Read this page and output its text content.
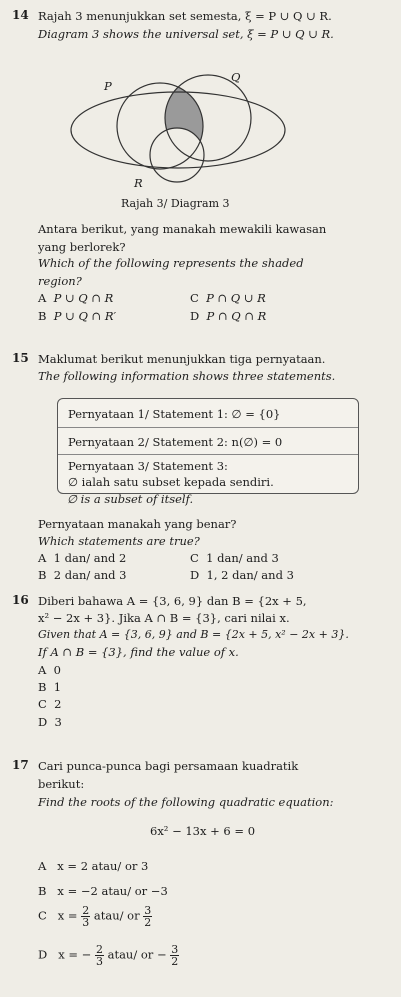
14 Rajah 3 menunjukkan set semesta, ξ = P ∪ Q ∪ R.
Diagram 3 shows the universal set, ξ = P ∪ Q ∪ R.
P
Q
R
Rajah 3/ Diagram 3
Antara berikut, yang manakah mewakili kawasan
yang berlorek?
Which of the following represents the shaded
region?
A P ∪ Q ∩ R
B P ∪ Q ∩ R′
C P ∩ Q ∪ R
D P ∩ Q ∩ R
15 Maklumat berikut menunjukkan tiga pernyataan.
The following information shows three statements.
Pernyataan 1/ Statement 1: ∅ = {0}
Pernyataan 2/ Statement 2: n(∅) = 0
Pernyataan 3/ Statement 3:
∅ ialah satu subset kepada sendiri.
∅ is a subset of itself.
Pernyataan manakah yang benar?
Which statements are true?
A 1 dan/ and 2
B 2 dan/ and 3
C 1 dan/ and 3
D 1, 2 dan/ and 3
16 Diberi bahawa A = {3, 6, 9} dan B = {2x + 5,
x² − 2x + 3}. Jika A ∩ B = {3}, cari nilai x.
Given that A = {3, 6, 9} and B = {2x + 5, x² − 2x + 3}.
If A ∩ B = {3}, find the value of x.
A 0
B 1
C 2
D 3
17 Cari punca-punca bagi persamaan kuadratik
berikut:
Find the roots of the following quadratic equation:
6x² − 13x + 6 = 0
A x = 2 atau/ or 3
B x = −2 atau/ or −3
C $x = \frac{2}{3}$ atau/ or $\frac{3}{2}$
D x = − $\frac{2}{3}$ atau/ or − $\frac{3}{2}$
